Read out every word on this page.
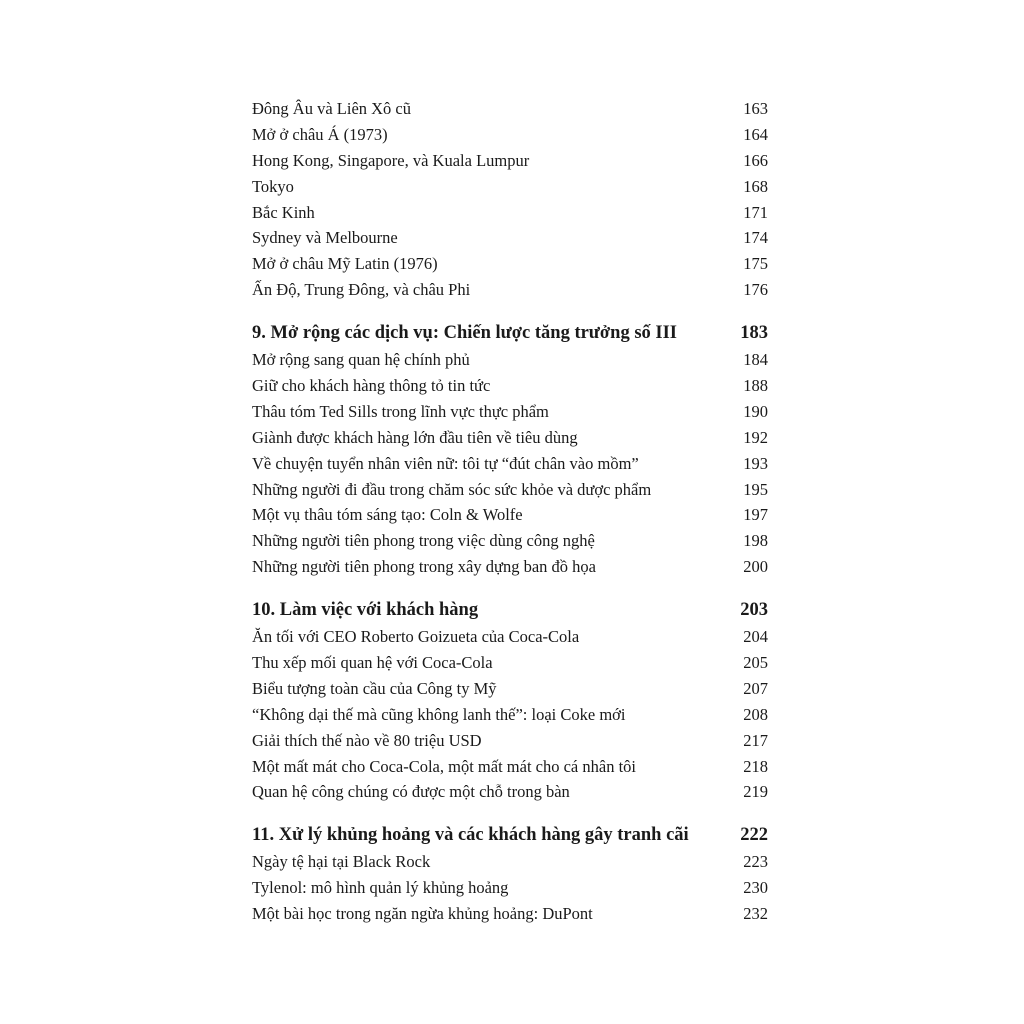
Đông Âu và Liên Xô cũ	163
Mở ở châu Á (1973)	164
Hong Kong, Singapore, và Kuala Lumpur	166
Tokyo	168
Bắc Kinh	171
Sydney và Melbourne	174
Mở ở châu Mỹ Latin (1976)	175
Ấn Độ, Trung Đông, và châu Phi	176
9. Mở rộng các dịch vụ: Chiến lược tăng trưởng số III	183
Mở rộng sang quan hệ chính phủ	184
Giữ cho khách hàng thông tỏ tin tức	188
Thâu tóm Ted Sills trong lĩnh vực thực phẩm	190
Giành được khách hàng lớn đầu tiên về tiêu dùng	192
Về chuyện tuyển nhân viên nữ: tôi tự “đút chân vào mồm”	193
Những người đi đầu trong chăm sóc sức khỏe và dược phẩm	195
Một vụ thâu tóm sáng tạo: Coln & Wolfe	197
Những người tiên phong trong việc dùng công nghệ	198
Những người tiên phong trong xây dựng ban đồ họa	200
10. Làm việc với khách hàng	203
Ăn tối với CEO Roberto Goizueta của Coca-Cola	204
Thu xếp mối quan hệ với Coca-Cola	205
Biểu tượng toàn cầu của Công ty Mỹ	207
“Không dại thế mà cũng không lanh thế”: loại Coke mới	208
Giải thích thế nào về 80 triệu USD	217
Một mất mát cho Coca-Cola, một mất mát cho cá nhân tôi	218
Quan hệ công chúng có được một chỗ trong bàn	219
11. Xử lý khủng hoảng và các khách hàng gây tranh cãi	222
Ngày tệ hại tại Black Rock	223
Tylenol: mô hình quản lý khủng hoảng	230
Một bài học trong ngăn ngừa khủng hoảng: DuPont	232
